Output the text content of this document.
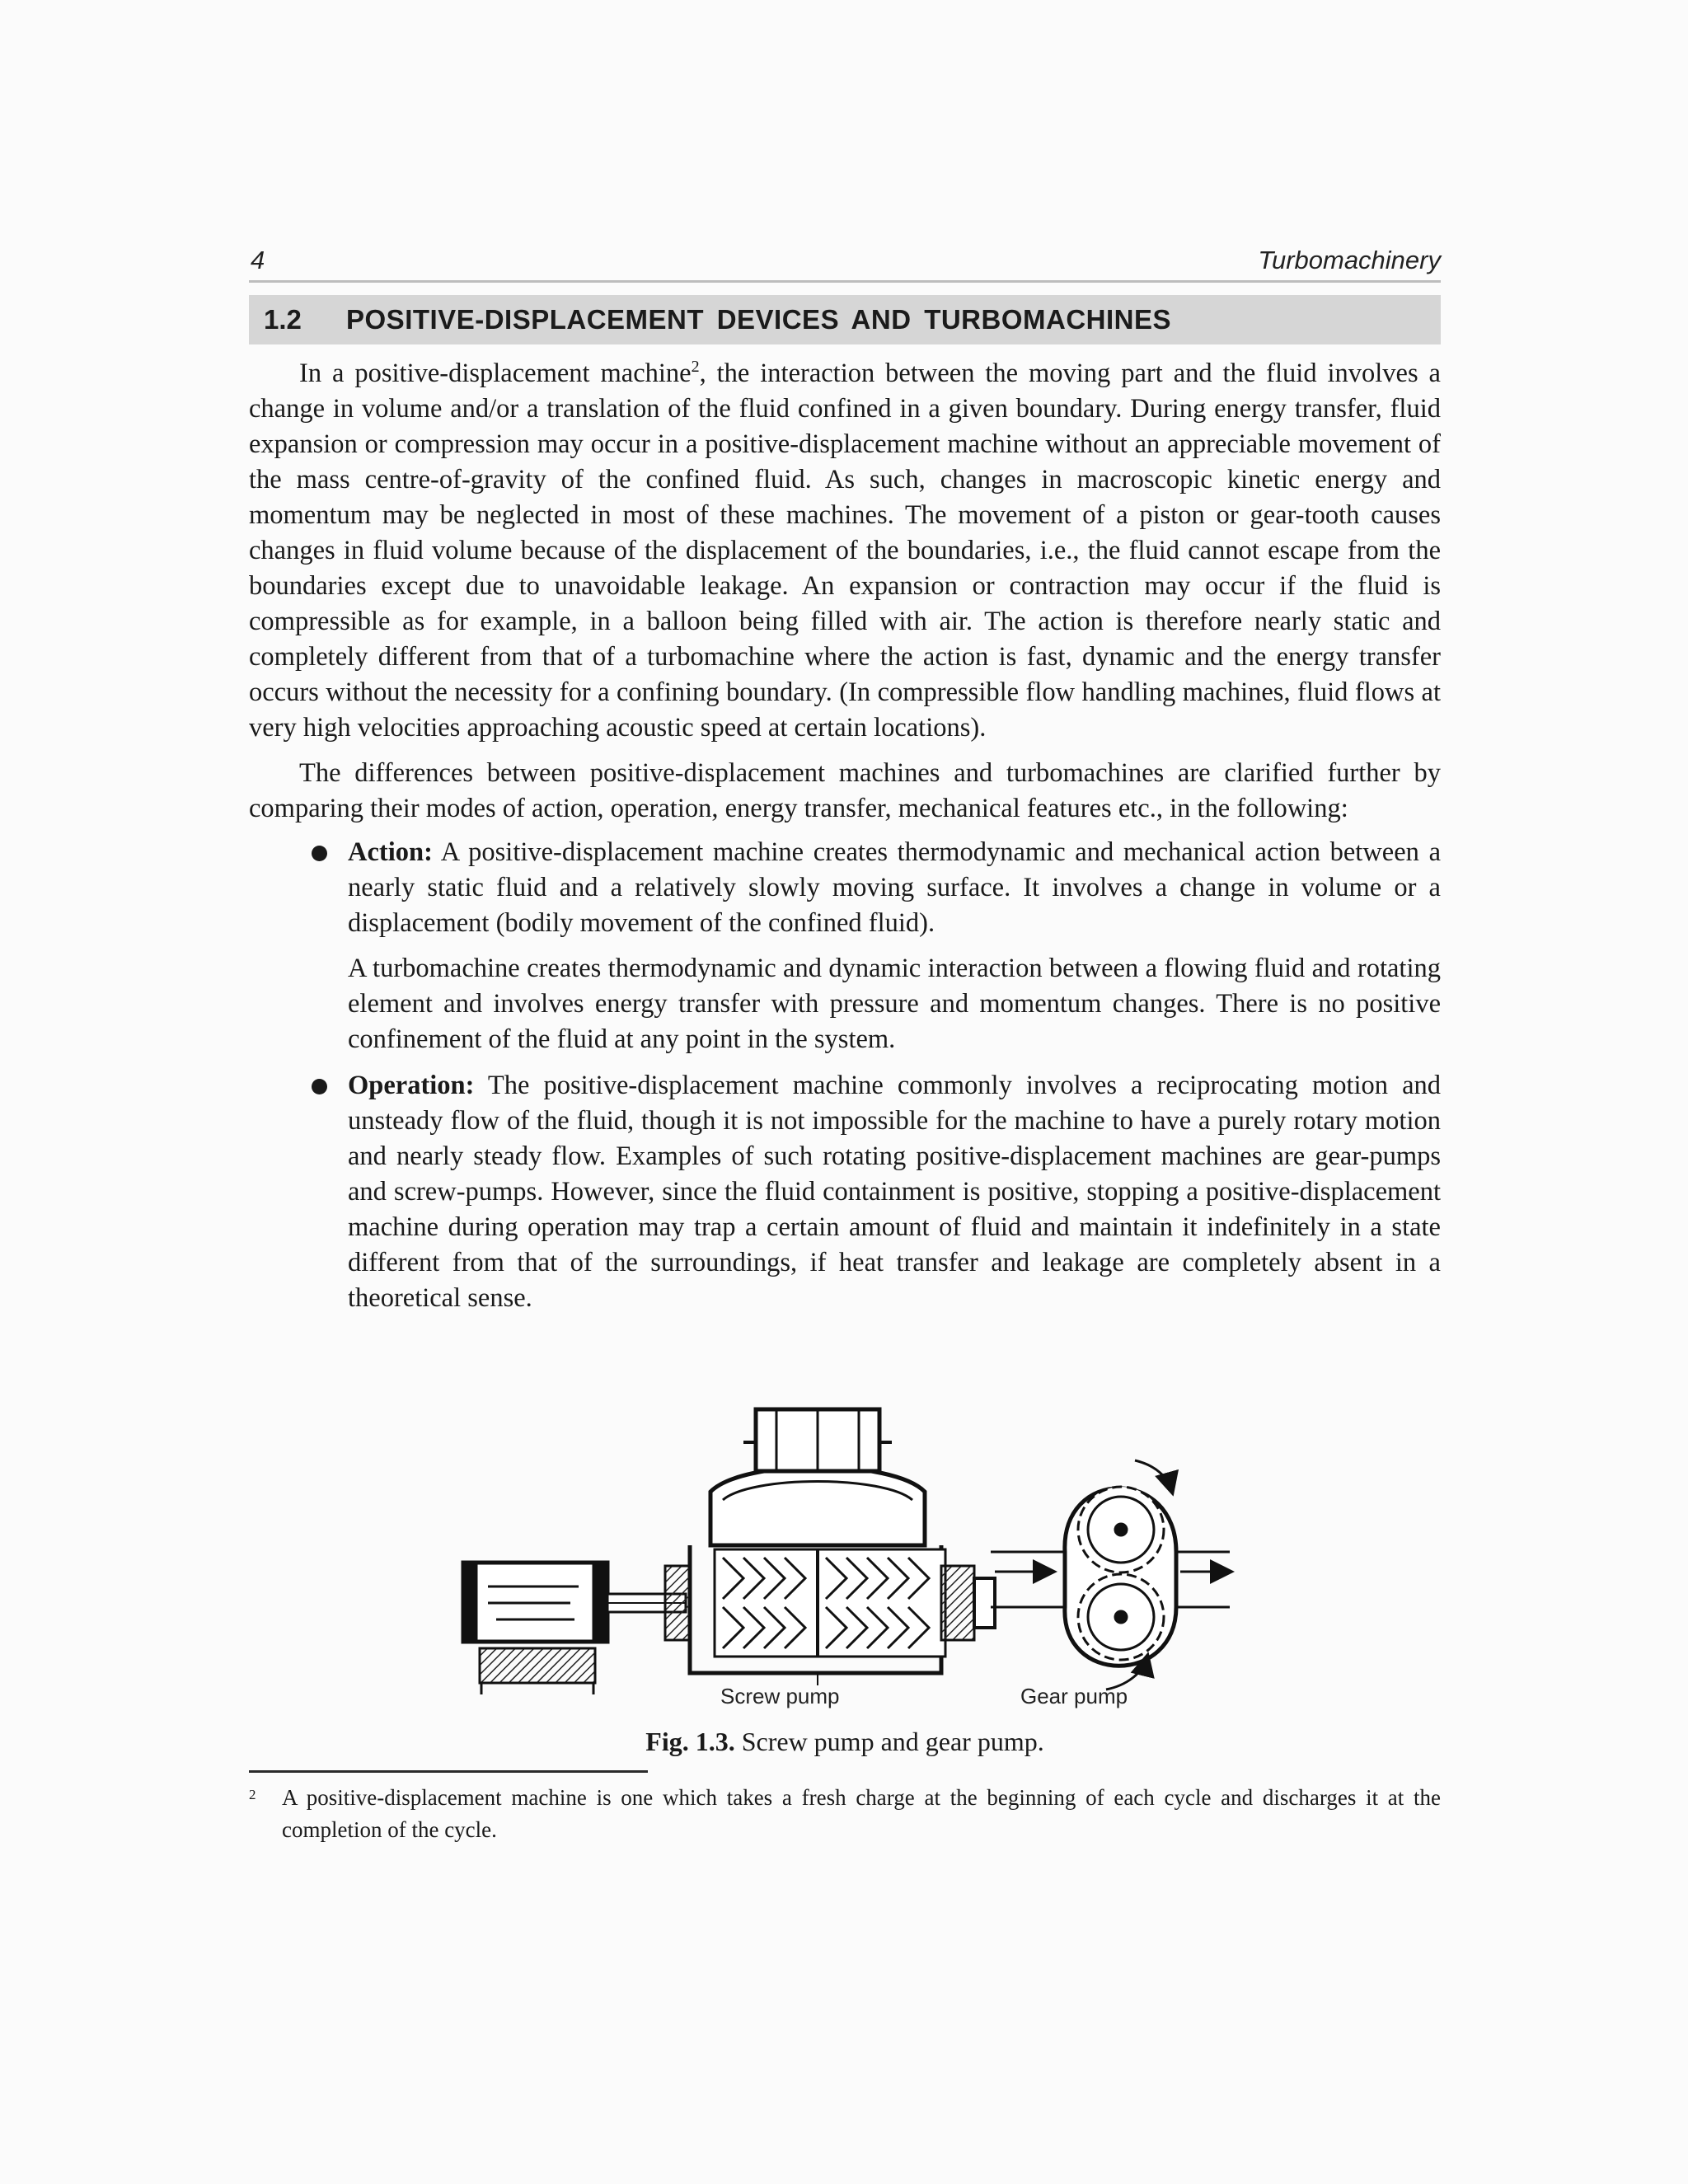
4	Turbomachinery
1.2 POSITIVE-DISPLACEMENT DEVICES AND TURBOMACHINES

In a positive-displacement machine$^2$, the interaction between the moving part and the fluid involves a change in volume and/or a translation of the fluid confined in a given boundary. During energy transfer, fluid expansion or compression may occur in a positive-displacement machine without an appreciable movement of the mass centre-of-gravity of the confined fluid. As such, changes in macroscopic kinetic energy and momentum may be neglected in most of these machines. The movement of a piston or gear-tooth causes changes in fluid volume because of the displacement of the boundaries, i.e., the fluid cannot escape from the boundaries except due to unavoidable leakage. An expansion or contraction may occur if the fluid is compressible as for example, in a balloon being filled with air. The action is therefore nearly static and completely different from that of a turbomachine where the action is fast, dynamic and the energy transfer occurs without the necessity for a confining boundary. (In compressible flow handling machines, fluid flows at very high velocities approaching acoustic speed at certain locations).

The differences between positive-displacement machines and turbomachines are clarified further by comparing their modes of action, operation, energy transfer, mechanical features etc., in the following:

Action: A positive-displacement machine creates thermodynamic and mechanical action between a nearly static fluid and a relatively slowly moving surface. It involves a change in volume or a displacement (bodily movement of the confined fluid).

A turbomachine creates thermodynamic and dynamic interaction between a flowing fluid and rotating element and involves energy transfer with pressure and momentum changes. There is no positive confinement of the fluid at any point in the system.

Operation: The positive-displacement machine commonly involves a reciprocating motion and unsteady flow of the fluid, though it is not impossible for the machine to have a purely rotary motion and nearly steady flow. Examples of such rotating positive-displacement machines are gear-pumps and screw-pumps. However, since the fluid containment is positive, stopping a positive-displacement machine during operation may trap a certain amount of fluid and maintain it indefinitely in a state different from that of the surroundings, if heat transfer and leakage are completely absent in a theoretical sense.

Screw pump	Gear pump
Fig. 1.3. Screw pump and gear pump.
2 A positive-displacement machine is one which takes a fresh charge at the beginning of each cycle and discharges it at the completion of the cycle.
